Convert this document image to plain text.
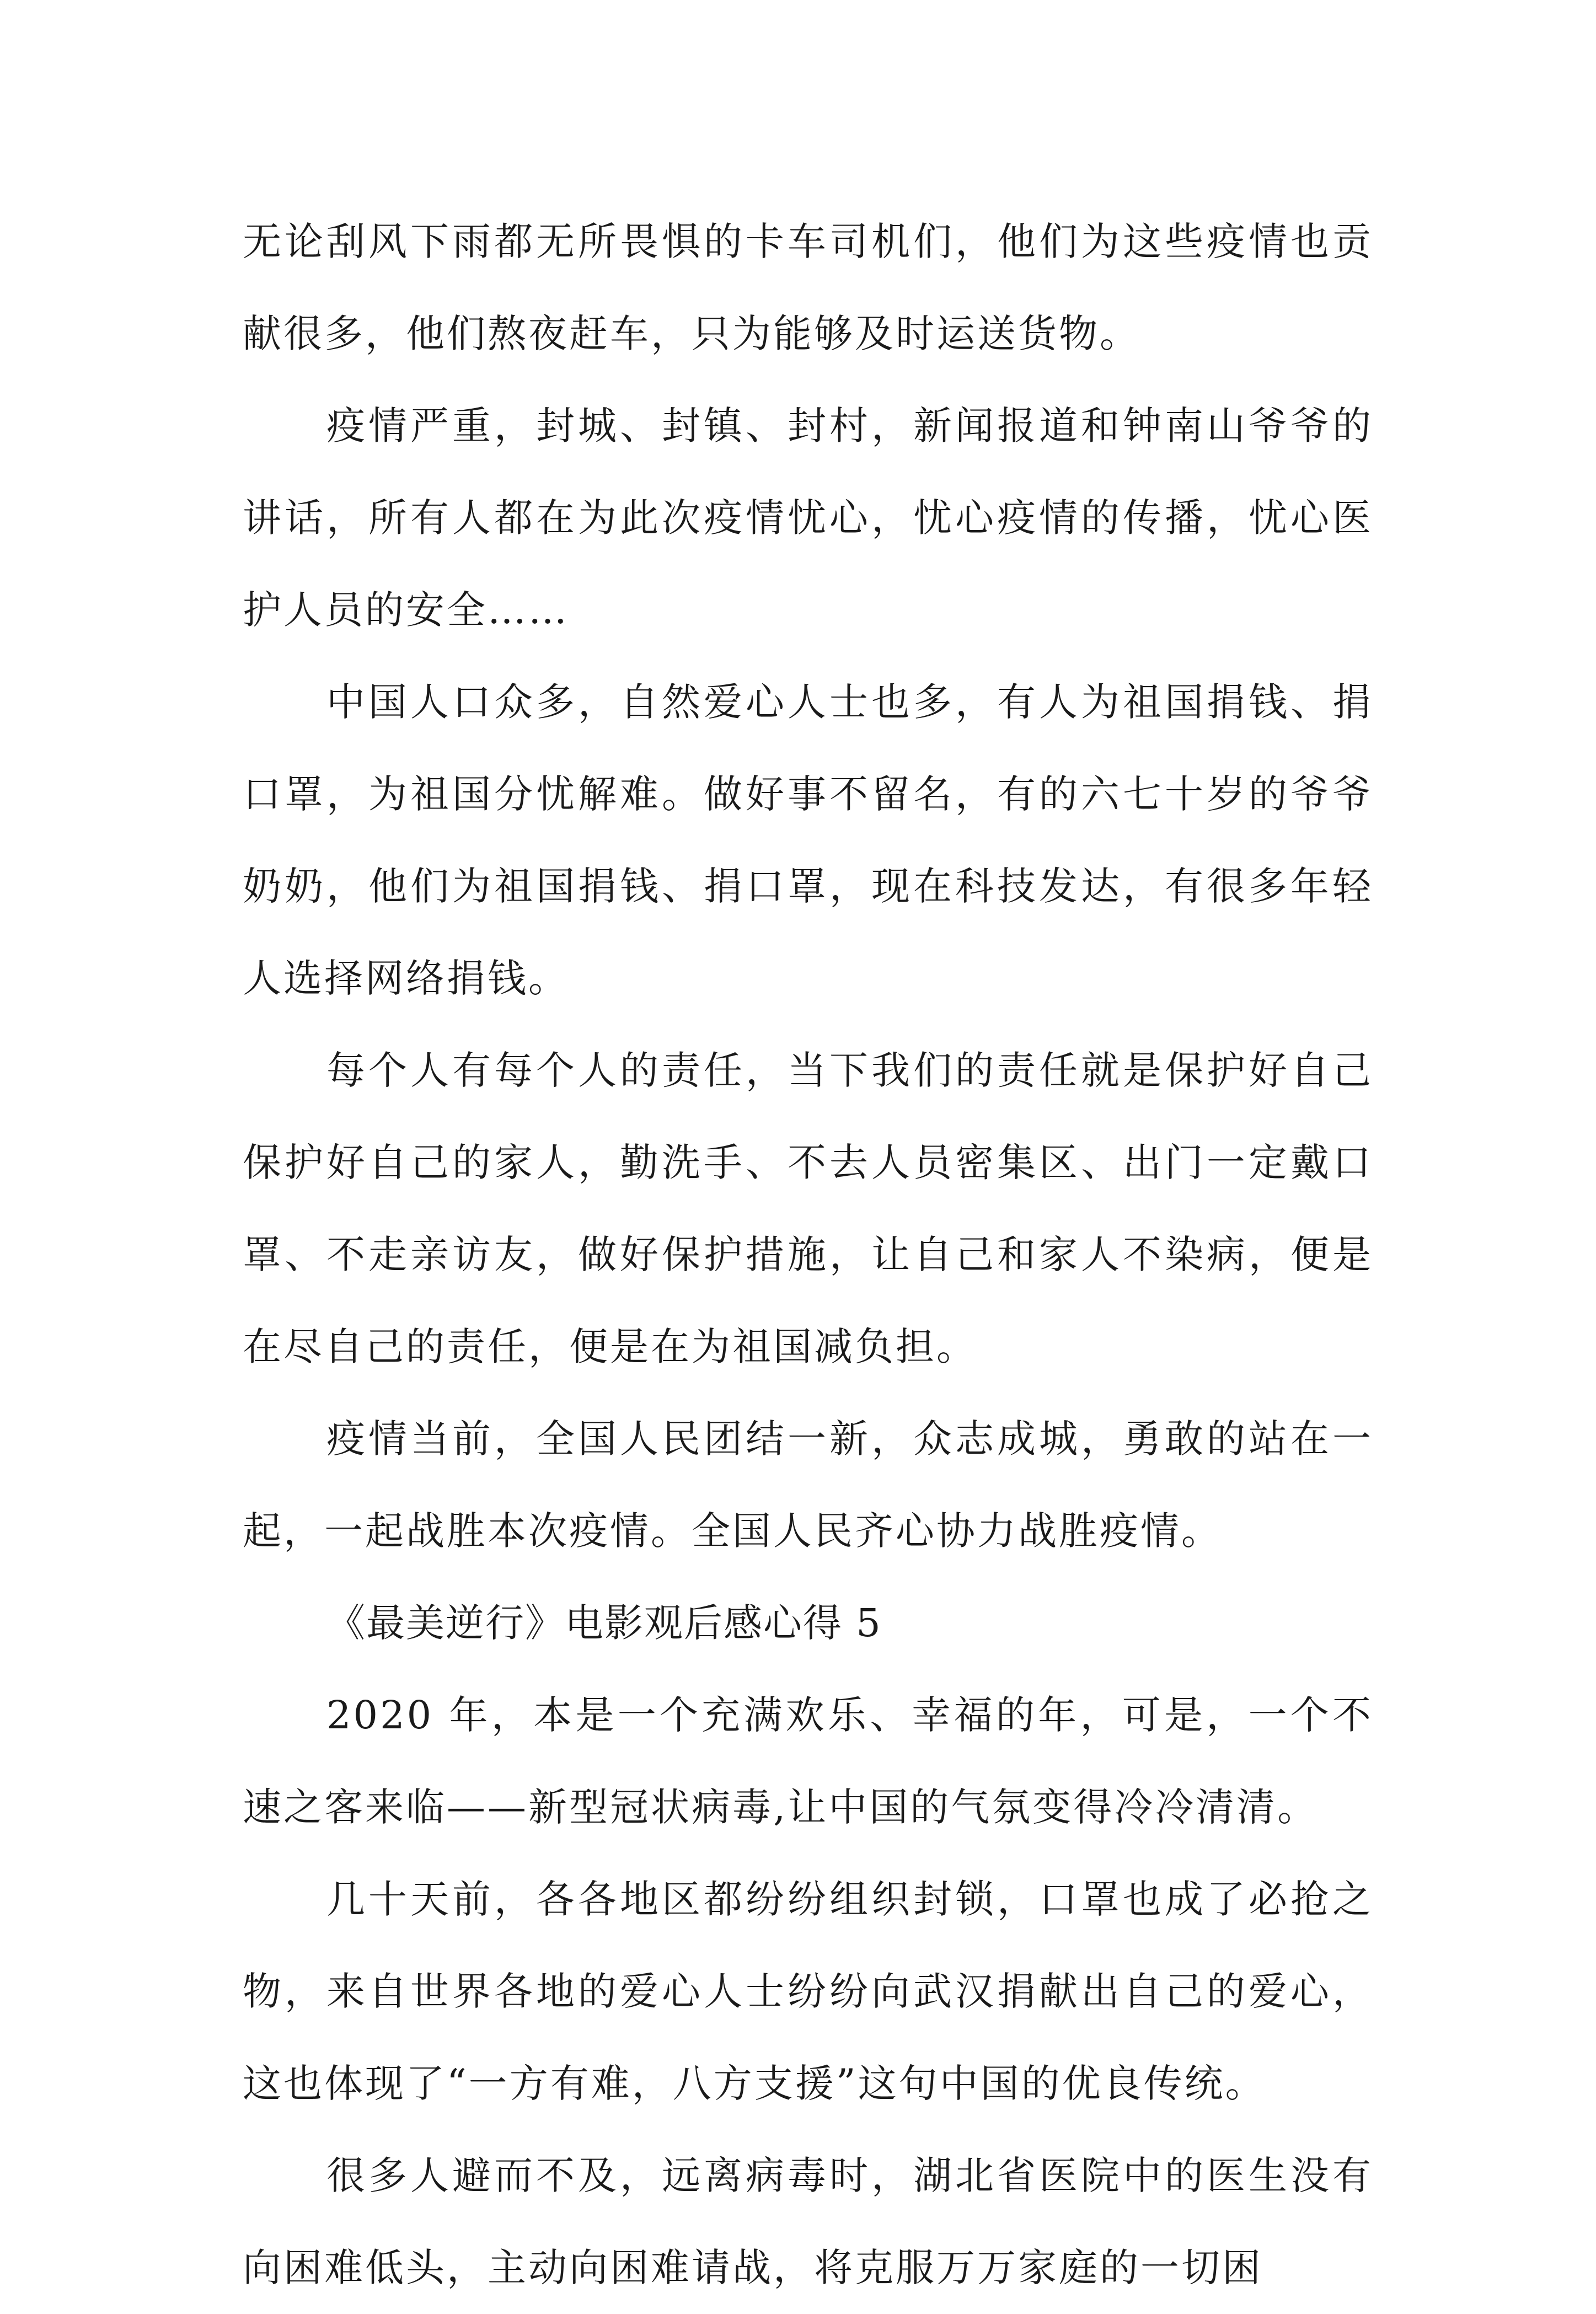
无论刮风下雨都无所畏惧的卡车司机们，他们为这些疫情也贡献很多，他们熬夜赶车，只为能够及时运送货物。

疫情严重，封城、封镇、封村，新闻报道和钟南山爷爷的讲话，所有人都在为此次疫情忧心，忧心疫情的传播，忧心医护人员的安全……

中国人口众多，自然爱心人士也多，有人为祖国捐钱、捐口罩，为祖国分忧解难。做好事不留名，有的六七十岁的爷爷奶奶，他们为祖国捐钱、捐口罩，现在科技发达，有很多年轻人选择网络捐钱。

每个人有每个人的责任，当下我们的责任就是保护好自己保护好自己的家人，勤洗手、不去人员密集区、出门一定戴口罩、不走亲访友，做好保护措施，让自己和家人不染病，便是在尽自己的责任，便是在为祖国减负担。

疫情当前，全国人民团结一新，众志成城，勇敢的站在一起，一起战胜本次疫情。全国人民齐心协力战胜疫情。

《最美逆行》电影观后感心得 5

2020 年，本是一个充满欢乐、幸福的年，可是，一个不速之客来临——新型冠状病毒,让中国的气氛变得冷冷清清。

几十天前，各各地区都纷纷组织封锁，口罩也成了必抢之物，来自世界各地的爱心人士纷纷向武汉捐献出自己的爱心，这也体现了“一方有难，八方支援”这句中国的优良传统。

很多人避而不及，远离病毒时，湖北省医院中的医生没有向困难低头，主动向困难请战，将克服万万家庭的一切困
